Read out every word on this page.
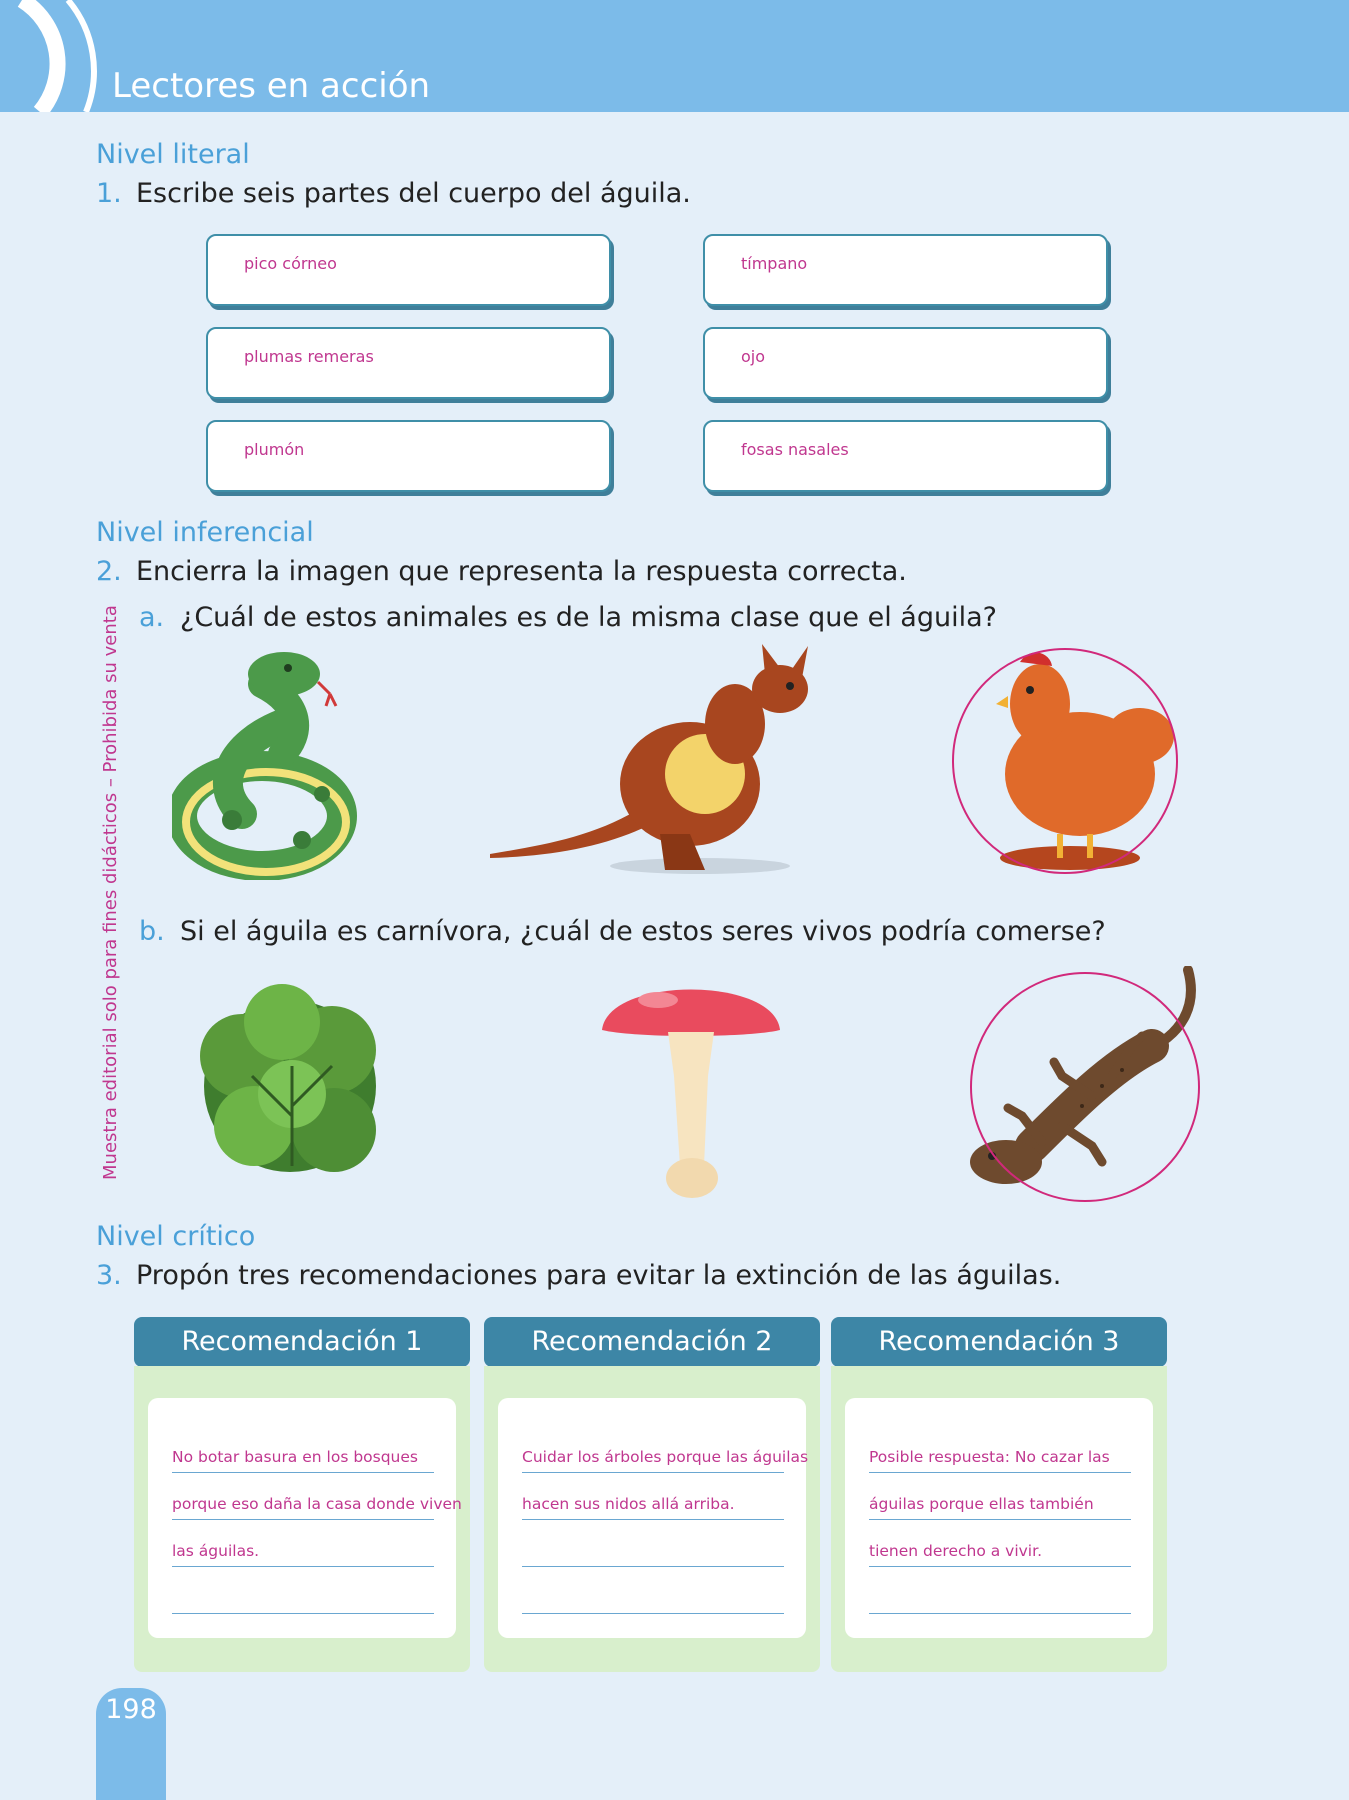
Lectores en acción
Muestra editorial solo para fines didácticos – Prohibida su venta
Nivel literal
1. Escribe seis partes del cuerpo del águila.
pico córneo	tímpano
plumas remeras	ojo
plumón	fosas nasales
Nivel inferencial
2. Encierra la imagen que representa la respuesta correcta.
a. ¿Cuál de estos animales es de la misma clase que el águila?
b. Si el águila es carnívora, ¿cuál de estos seres vivos podría comerse?
Nivel crítico
3. Propón tres recomendaciones para evitar la extinción de las águilas.
Recomendación 1
No botar basura en los bosques
porque eso daña la casa donde viven
las águilas.
Recomendación 2
Cuidar los árboles porque las águilas
hacen sus nidos allá arriba.
Recomendación 3
Posible respuesta: No cazar las
águilas porque ellas también
tienen derecho a vivir.
198
